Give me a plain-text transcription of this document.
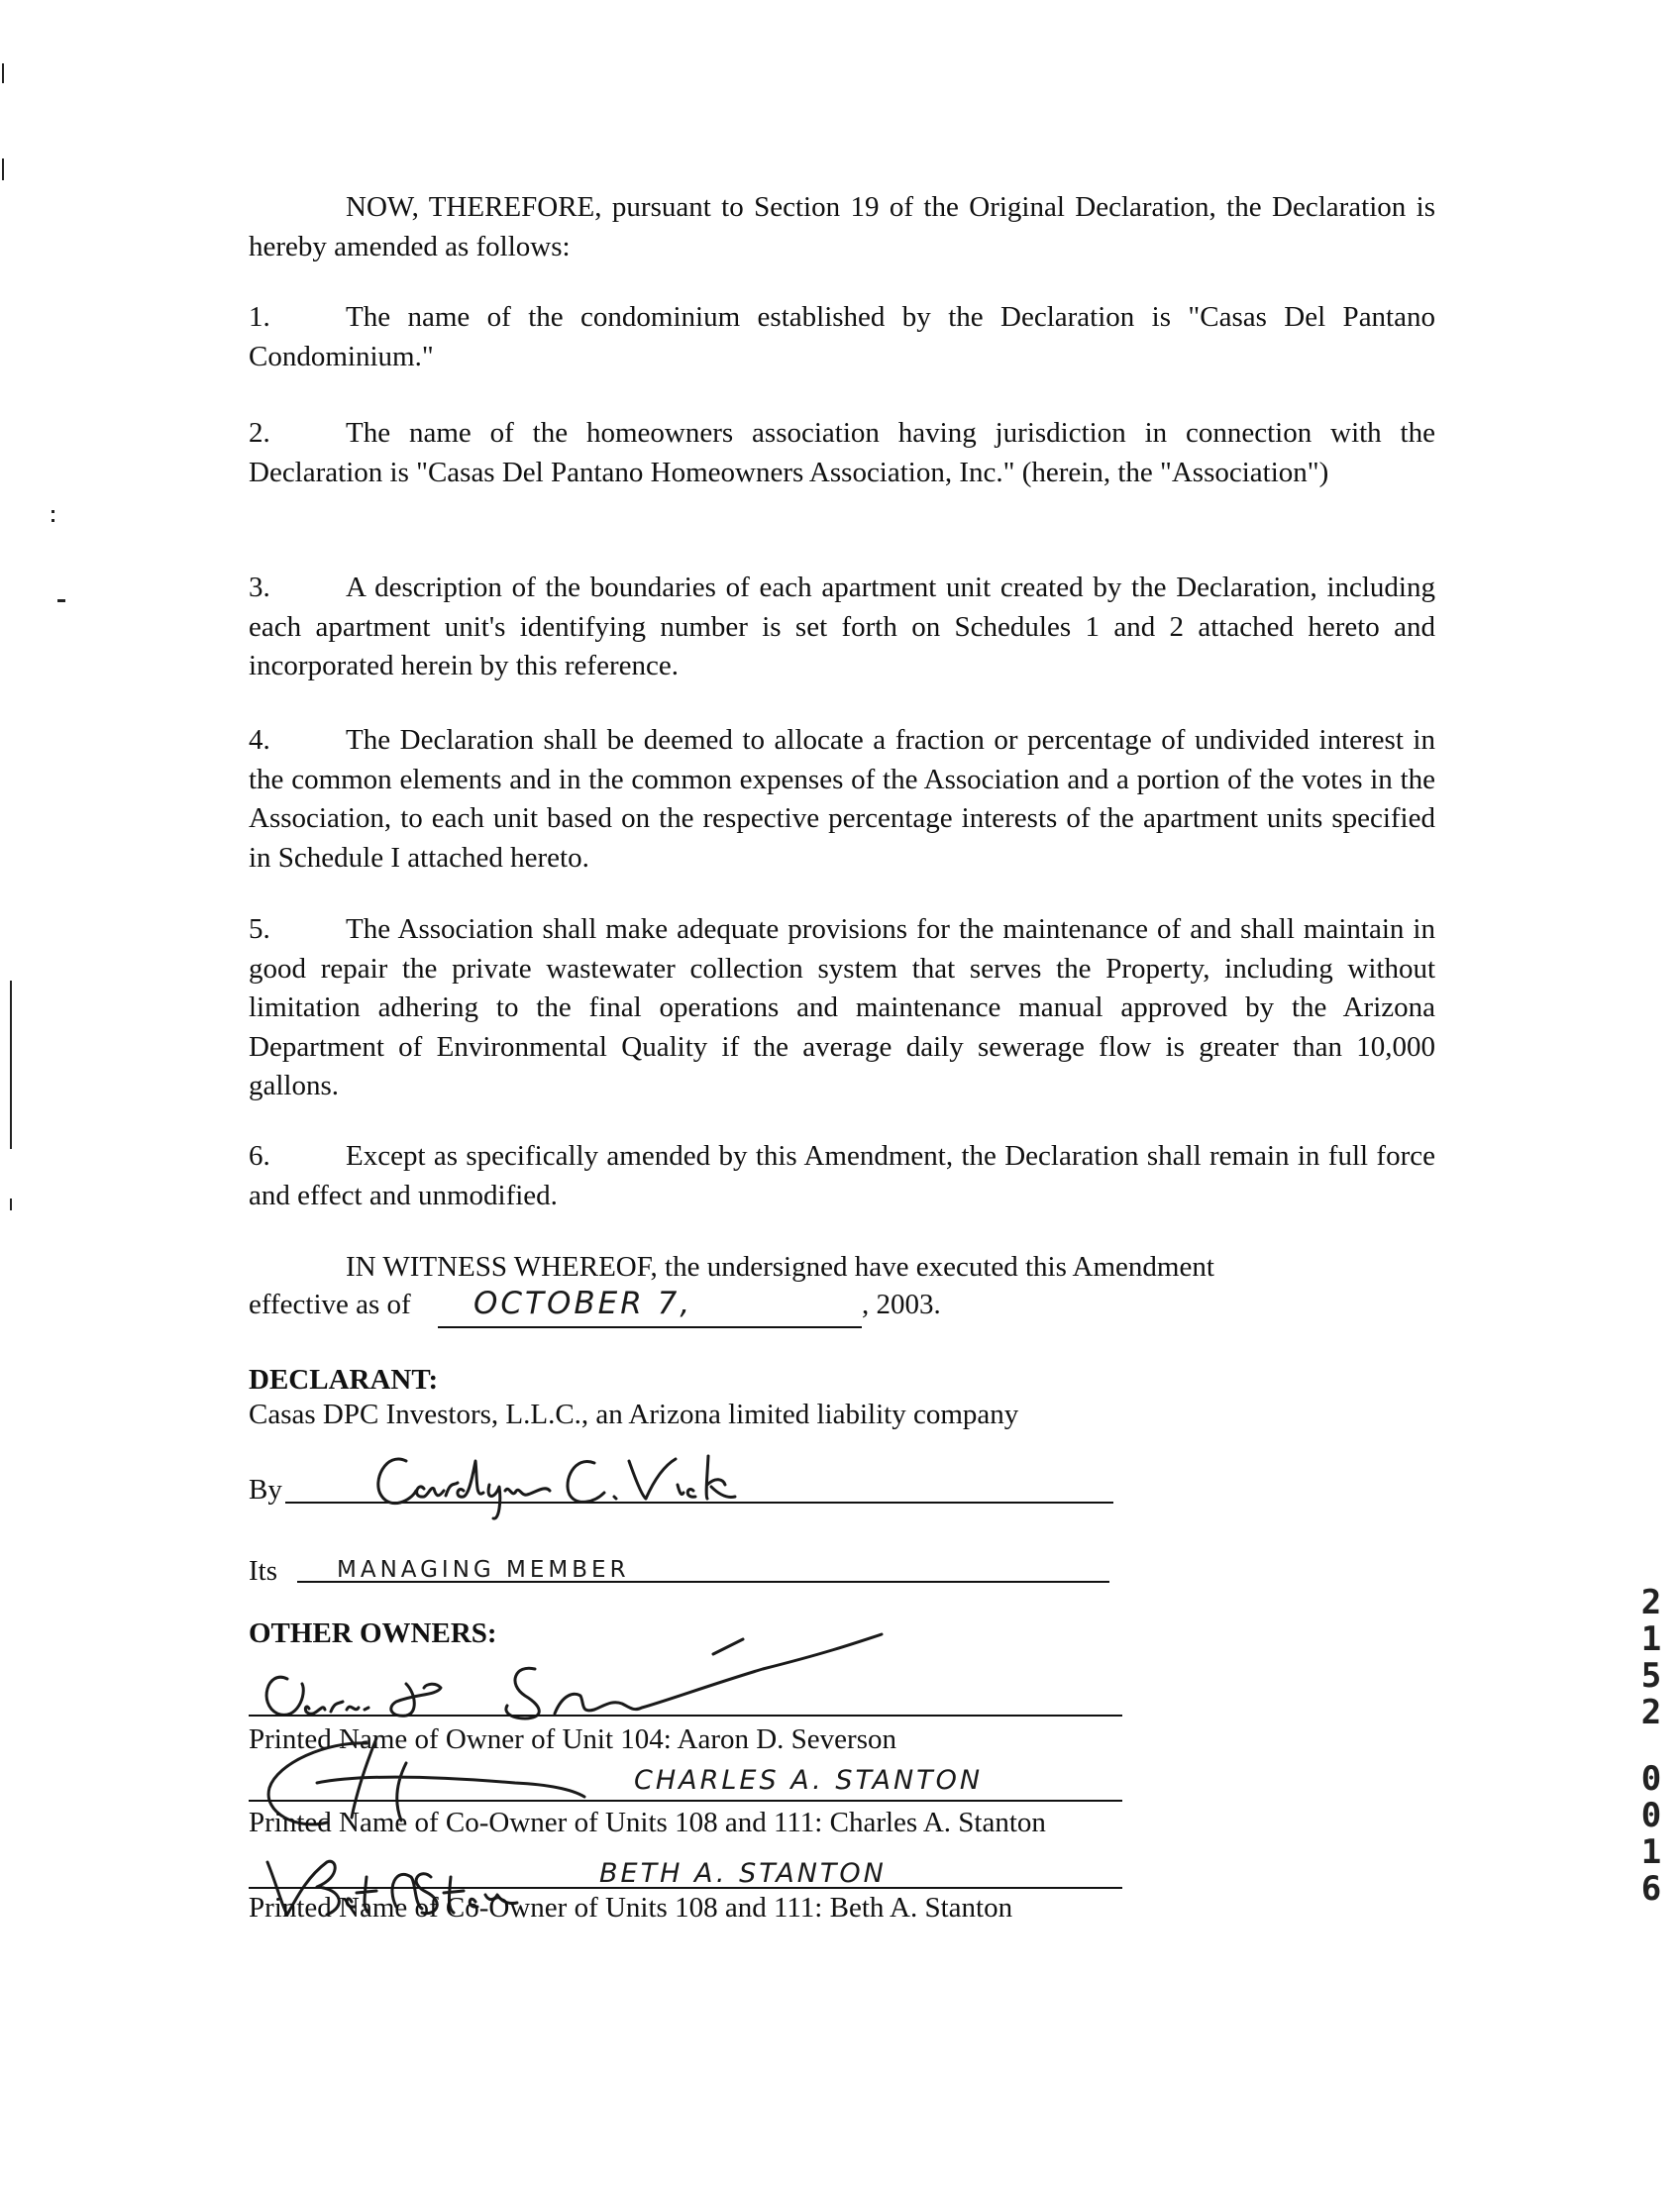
NOW, THEREFORE, pursuant to Section 19 of the Original Declaration, the Declaration is hereby amended as follows:

1.	The name of the condominium established by the Declaration is "Casas Del Pantano Condominium."

2.	The name of the homeowners association having jurisdiction in connection with the Declaration is "Casas Del Pantano Homeowners Association, Inc." (herein, the "Association")

3.	A description of the boundaries of each apartment unit created by the Declaration, including each apartment unit's identifying number is set forth on Schedules 1 and 2 attached hereto and incorporated herein by this reference.

4.	The Declaration shall be deemed to allocate a fraction or percentage of undivided interest in the common elements and in the common expenses of the Association and a portion of the votes in the Association, to each unit based on the respective percentage interests of the apartment units specified in Schedule I attached hereto.

5.	The Association shall make adequate provisions for the maintenance of and shall maintain in good repair the private wastewater collection system that serves the Property, including without limitation adhering to the final operations and maintenance manual approved by the Arizona Department of Environmental Quality if the average daily sewerage flow is greater than 10,000 gallons.

6.	Except as specifically amended by this Amendment, the Declaration shall remain in full force and effect and unmodified.

IN WITNESS WHEREOF, the undersigned have executed this Amendment

effective as of OCTOBER 7,	, 2003.
DECLARANT:
Casas DPC Investors, L.L.C., an Arizona limited liability company
By
Its	MANAGING MEMBER
OTHER OWNERS:
Printed Name of Owner of Unit 104: Aaron D. Severson
CHARLES A. STANTON
Printed Name of Co-Owner of Units 108 and 111: Charles A. Stanton
BETH A. STANTON
Printed Name of Co-Owner of Units 108 and 111: Beth A. Stanton
2
1
5
2
0
0
1
6
